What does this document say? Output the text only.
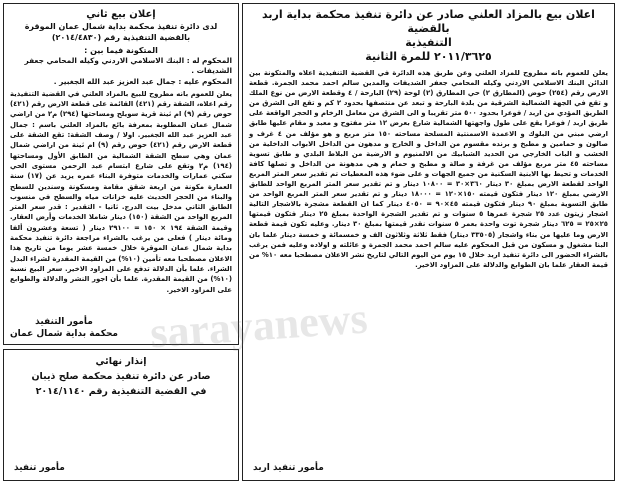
اعلان بيع بالمزاد العلني صادر عن دائرة تنفيذ محكمة بداية اربد بالقضية
التنفيذية
٢٠١١/٣٦٢٥ للمرة الثانية
يعلن للعموم بانه مطروح للمزاد العلني وعن طريق هذه الدائرة في القضية التنفيذية اعلاه والمتكونة بين الدائن البنك الاسلامي الاردني وكيله المحامي جعفر الشديفات والمدين سالم احمد محمد الجمرة. قطعة الارض رقم (٢٥٤) حوض (المطارق ٢) حي المطارق (٢) لوحة (٢٩) البارحة / ٤ وقطعة الارض من نوع الملك و تقع في الجهة الشمالية الشرقية من بلدة البارحة و تبعد عن منتصفها بحدود ٢ كم و تقع الى الشرق من الطريق المؤدي من اربد / فوعرا بحدود ٥٠٠ متر تقريبا و الى الشرق من معامل الرخام و الحجر الواقعة على طريق اربد / فوعرا يقع على طول واجهتها الشمالية شارع بعرض ١٢ متر مفتوح و معبد و مقام عليها طابق ارضي مبني من البلوك و الاعمدة الاسمنتية المسلحة مساحته ١٥٠ متر مربع و هو مؤلف من ٤ غرف و صالون و حمامين و مطبخ و برنده مقسوم من الداخل و الخارج و مدهون من الداخل الابواب الداخلية من الخشب و الباب الخارجي من الحديد الشبابيك من الالمنيوم و الارضية من البلاط البلدي و طابق تسوية مساحته ٤٥ متر مربع مؤلف من غرفة و صالة و مطبخ و حمام و هي مدهونة من الداخل و تصلها كافة الخدمات و تحيط بها الابنية السكنية من جميع الجهات و على ضوء هذه المعطيات تم تقدير سعر المتر المربع الواحد لقطعة الارض بمبلغ ٣٠ دينار ٣٦٠×٣٠ = ١٠٨٠٠ دينار و تم تقدير سعر المتر المربع الواحد للطابق الارضي بمبلغ ١٢٠ دينار فتكون قيمته ١٥٠×١٢٠ = ١٨٠٠٠ دينار و تم تقدير سعر المتر المربع الواحد من طابق التسوية بمبلغ ٩٠ دينار فتكون قيمته ٤٥×٩٠ = ٤٠٥٠ دينار كما ان القطعة مشجرة بالاشجار التالية اشجار زيتون عدد ٢٥ شجرة عمرها ٥ سنوات و تم تقدير الشجرة الواحدة بمبلغ ٢٥ دينار فتكون قيمتها ٢٥×٢٥ = ٦٢٥ دينار شجرة توت واحدة بعمر ٥ سنوات نقدر قيمتها بمبلغ ٣٠ دينار. وعليه تكون قيمة قطعة الارض وما عليها من بناء واشجار (٣٣٥٠٥ دينار) فقط ثلاثة وثلاثون الف و خمسمائة و خمسة دينار علما بان البنا مشغول و مسكون من قبل المحكوم عليه سالم احمد محمد الجمرة و عائلته و اولاده وعليه فمن يرغب بالشراء الحضور الى دائرة تنفيذ اربد خلال ١٥ يوم من اليوم التالي لتاريخ نشر الاعلان مصطحبا معه ١٠% من قيمة العقار علما بان الطوابع والدلالة على المزاود الاخير.
مأمور تنفيذ اربد
إعلان بيع ثاني
لدى دائرة تنفيذ محكمة بداية شمال عمان الموقرة
بالقضية التنفيذية رقم (٢٠١٤/٤٨٣٠)
المتكونة فيما بين :
المحكوم له : البنك الاسلامي الاردني وكيله المحامي جعفر الشديفات .
المحكوم عليه : جمال عبد العزيز عبد الله الجغبير .
يعلن للعموم بانه مطروح للبيع بالمزاد العلني في القضية التنفيذية رقم اعلاه، الشقة رقم (٤٢١) القائمة على قطعة الارض رقم (٤٢١) حوض رقم (٩) ام ثينة قرية سويلح ومساحتها (٢٩٤) م٢ من اراضي شمال عمان المطلوبة بمعرفة بائع بالمزاد العلني باسم : جمال عبد العزيز عبد الله الجغبير. اولا / وصف الشقة: تقع الشقة على قطعة الارض رقم (٤٢١) حوض رقم (٩) ام ثينة من اراضي شمال عمان وهي سطح الشقة الشمالية من الطابق الأول ومساحتها (١٩٤) م٢ وتقع على شارع ابتسام عبد الرحمن مستوى الحي سكني عمارات والخدمات متوفرة البناء عمره يزيد عن (١٧) سنة العمارة مكونة من اربعة شقق مقامة ومسكونة وسندين للسطح والبناء من الحجر الحديث عليه خزانات مياه والسطح في منسوب الطابق الثاني مدخل بيت الدرج. ثانيا - التقدير : قدر سعر المتر المربع الواحد من الشقة (١٥٠) دينار شاملا الخدمات وأرض العقار. وقيمة الشقة ١٩٤ × ١٥٠ = ٢٩١٠٠ دينار ( تسعة وعشرون ألفا ومائة دينار ) فعلى من يرغب بالشراء مراجعة دائرة تنفيذ محكمة بداية شمال عمان الموقرة خلال خمسة عشر يوما من تاريخ هذا الاعلان مصطحبا معه تأمين (١٠%) من القيمة المقدرة لشراء البدل الشراء. علما بأن الدلالة تدفع على المزاود الاخير. سعر البيع نسبة (١٠%) من القيمة المقدرة. علما بأن اجور النشر والدلالة والطوابع على المزاود الاخير.
مأمور التنفيذ
محكمة بداية شمال عمان
إنذار نهائي
صادر عن دائرة تنفيذ محكمة صلح ذيبان
في القضية التنفيذية رقم ٢٠١٤/١١٤٠
مأمور تنفيذ
